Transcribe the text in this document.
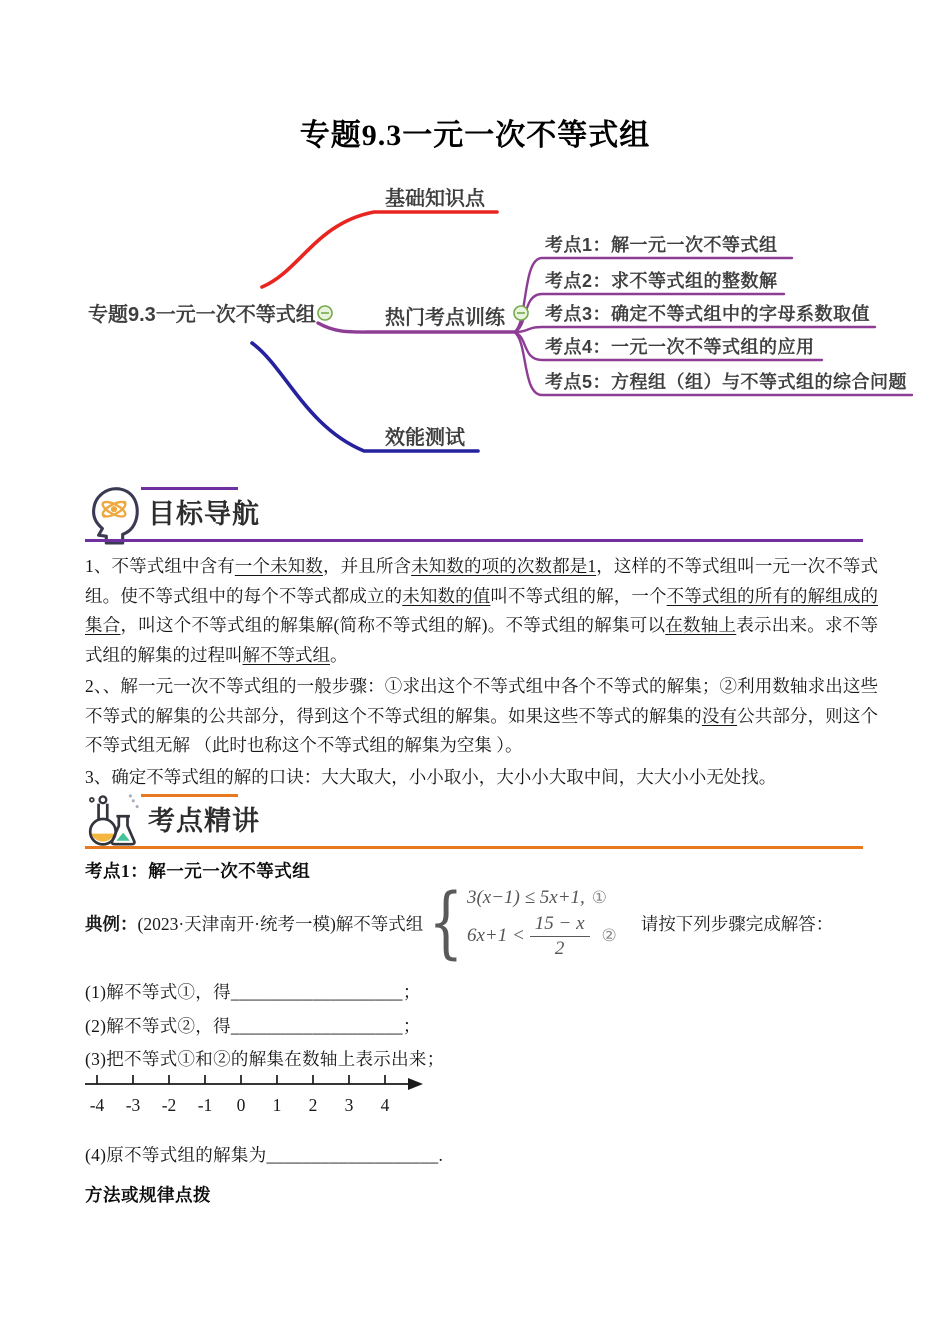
专题9.3一元一次不等式组
专题9.3一元一次不等式组
基础知识点
热门考点训练
效能测试
考点1：解一元一次不等式组
考点2：求不等式组的整数解
考点3：确定不等式组中的字母系数取值
考点4：一元一次不等式组的应用
考点5：方程组（组）与不等式组的综合问题
目标导航

1、不等式组中含有一个未知数，并且所含未知数的项的次数都是1，这样的不等式组叫一元一次不等式组。使不等式组中的每个不等式都成立的未知数的值叫不等式组的解，一个不等式组的所有的解组成的集合，叫这个不等式组的解集解(简称不等式组的解)。不等式组的解集可以在数轴上表示出来。求不等式组的解集的过程叫解不等式组。

2、、解一元一次不等式组的一般步骤：①求出这个不等式组中各个不等式的解集；②利用数轴求出这些不等式的解集的公共部分，得到这个不等式组的解集。如果这些不等式的解集的没有公共部分，则这个不等式组无解 （此时也称这个不等式组的解集为空集 ）。

3、确定不等式组的解的口诀：大大取大，小小取小，大小小大取中间，大大小小无处找。

考点精讲
考点1：解一元一次不等式组
典例： (2023·天津南开·统考一模)解不等式组 { 3(x−1) ≤ 5x+1, ①
$6x+1 < \frac{15 - x}{2}$ ②
请按下列步骤完成解答：
(1)解不等式①，得___________________；
(2)解不等式②，得___________________；
(3)把不等式①和②的解集在数轴上表示出来；
-4 -3 -2 -1 0 1 2 3 4
(4)原不等式组的解集为___________________.
方法或规律点拨
